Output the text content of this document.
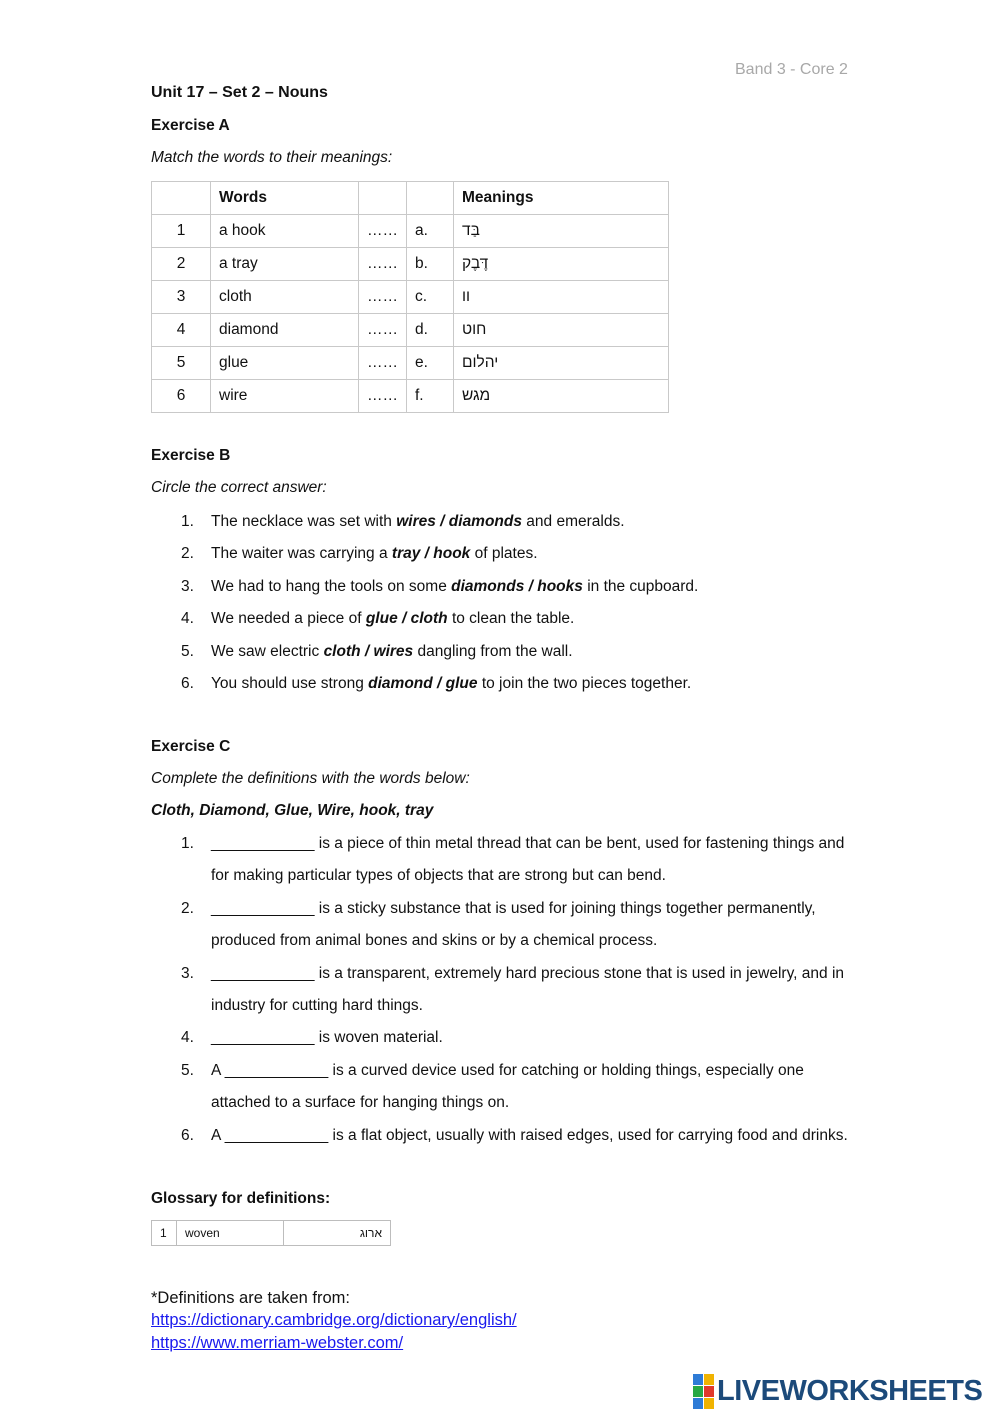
Band 3 - Core 2
Unit 17 – Set 2 – Nouns
Exercise A
Match the words to their meanings:
	Words			Meanings
1	a hook	……	a.	בַּד
2	a tray	……	b.	דֶּבֶק
3	cloth	……	c.	וו
4	diamond	……	d.	חוט
5	glue	……	e.	יהלום
6	wire	……	f.	מגש
Exercise B
Circle the correct answer:
1. The necklace was set with wires / diamonds and emeralds.
2. The waiter was carrying a tray / hook of plates.
3. We had to hang the tools on some diamonds / hooks in the cupboard.
4. We needed a piece of glue / cloth to clean the table.
5. We saw electric cloth / wires dangling from the wall.
6. You should use strong diamond / glue to join the two pieces together.
Exercise C
Complete the definitions with the words below:
Cloth, Diamond, Glue, Wire, hook, tray
1. ____________ is a piece of thin metal thread that can be bent, used for fastening things and for making particular types of objects that are strong but can bend.
2. ____________ is a sticky substance that is used for joining things together permanently, produced from animal bones and skins or by a chemical process.
3. ____________ is a transparent, extremely hard precious stone that is used in jewelry, and in industry for cutting hard things.
4. ____________ is woven material.
5. A ____________ is a curved device used for catching or holding things, especially one attached to a surface for hanging things on.
6. A ____________ is a flat object, usually with raised edges, used for carrying food and drinks.
Glossary for definitions:
1	woven	ארוג
*Definitions are taken from:
https://dictionary.cambridge.org/dictionary/english/
https://www.merriam-webster.com/
LIVEWORKSHEETS
